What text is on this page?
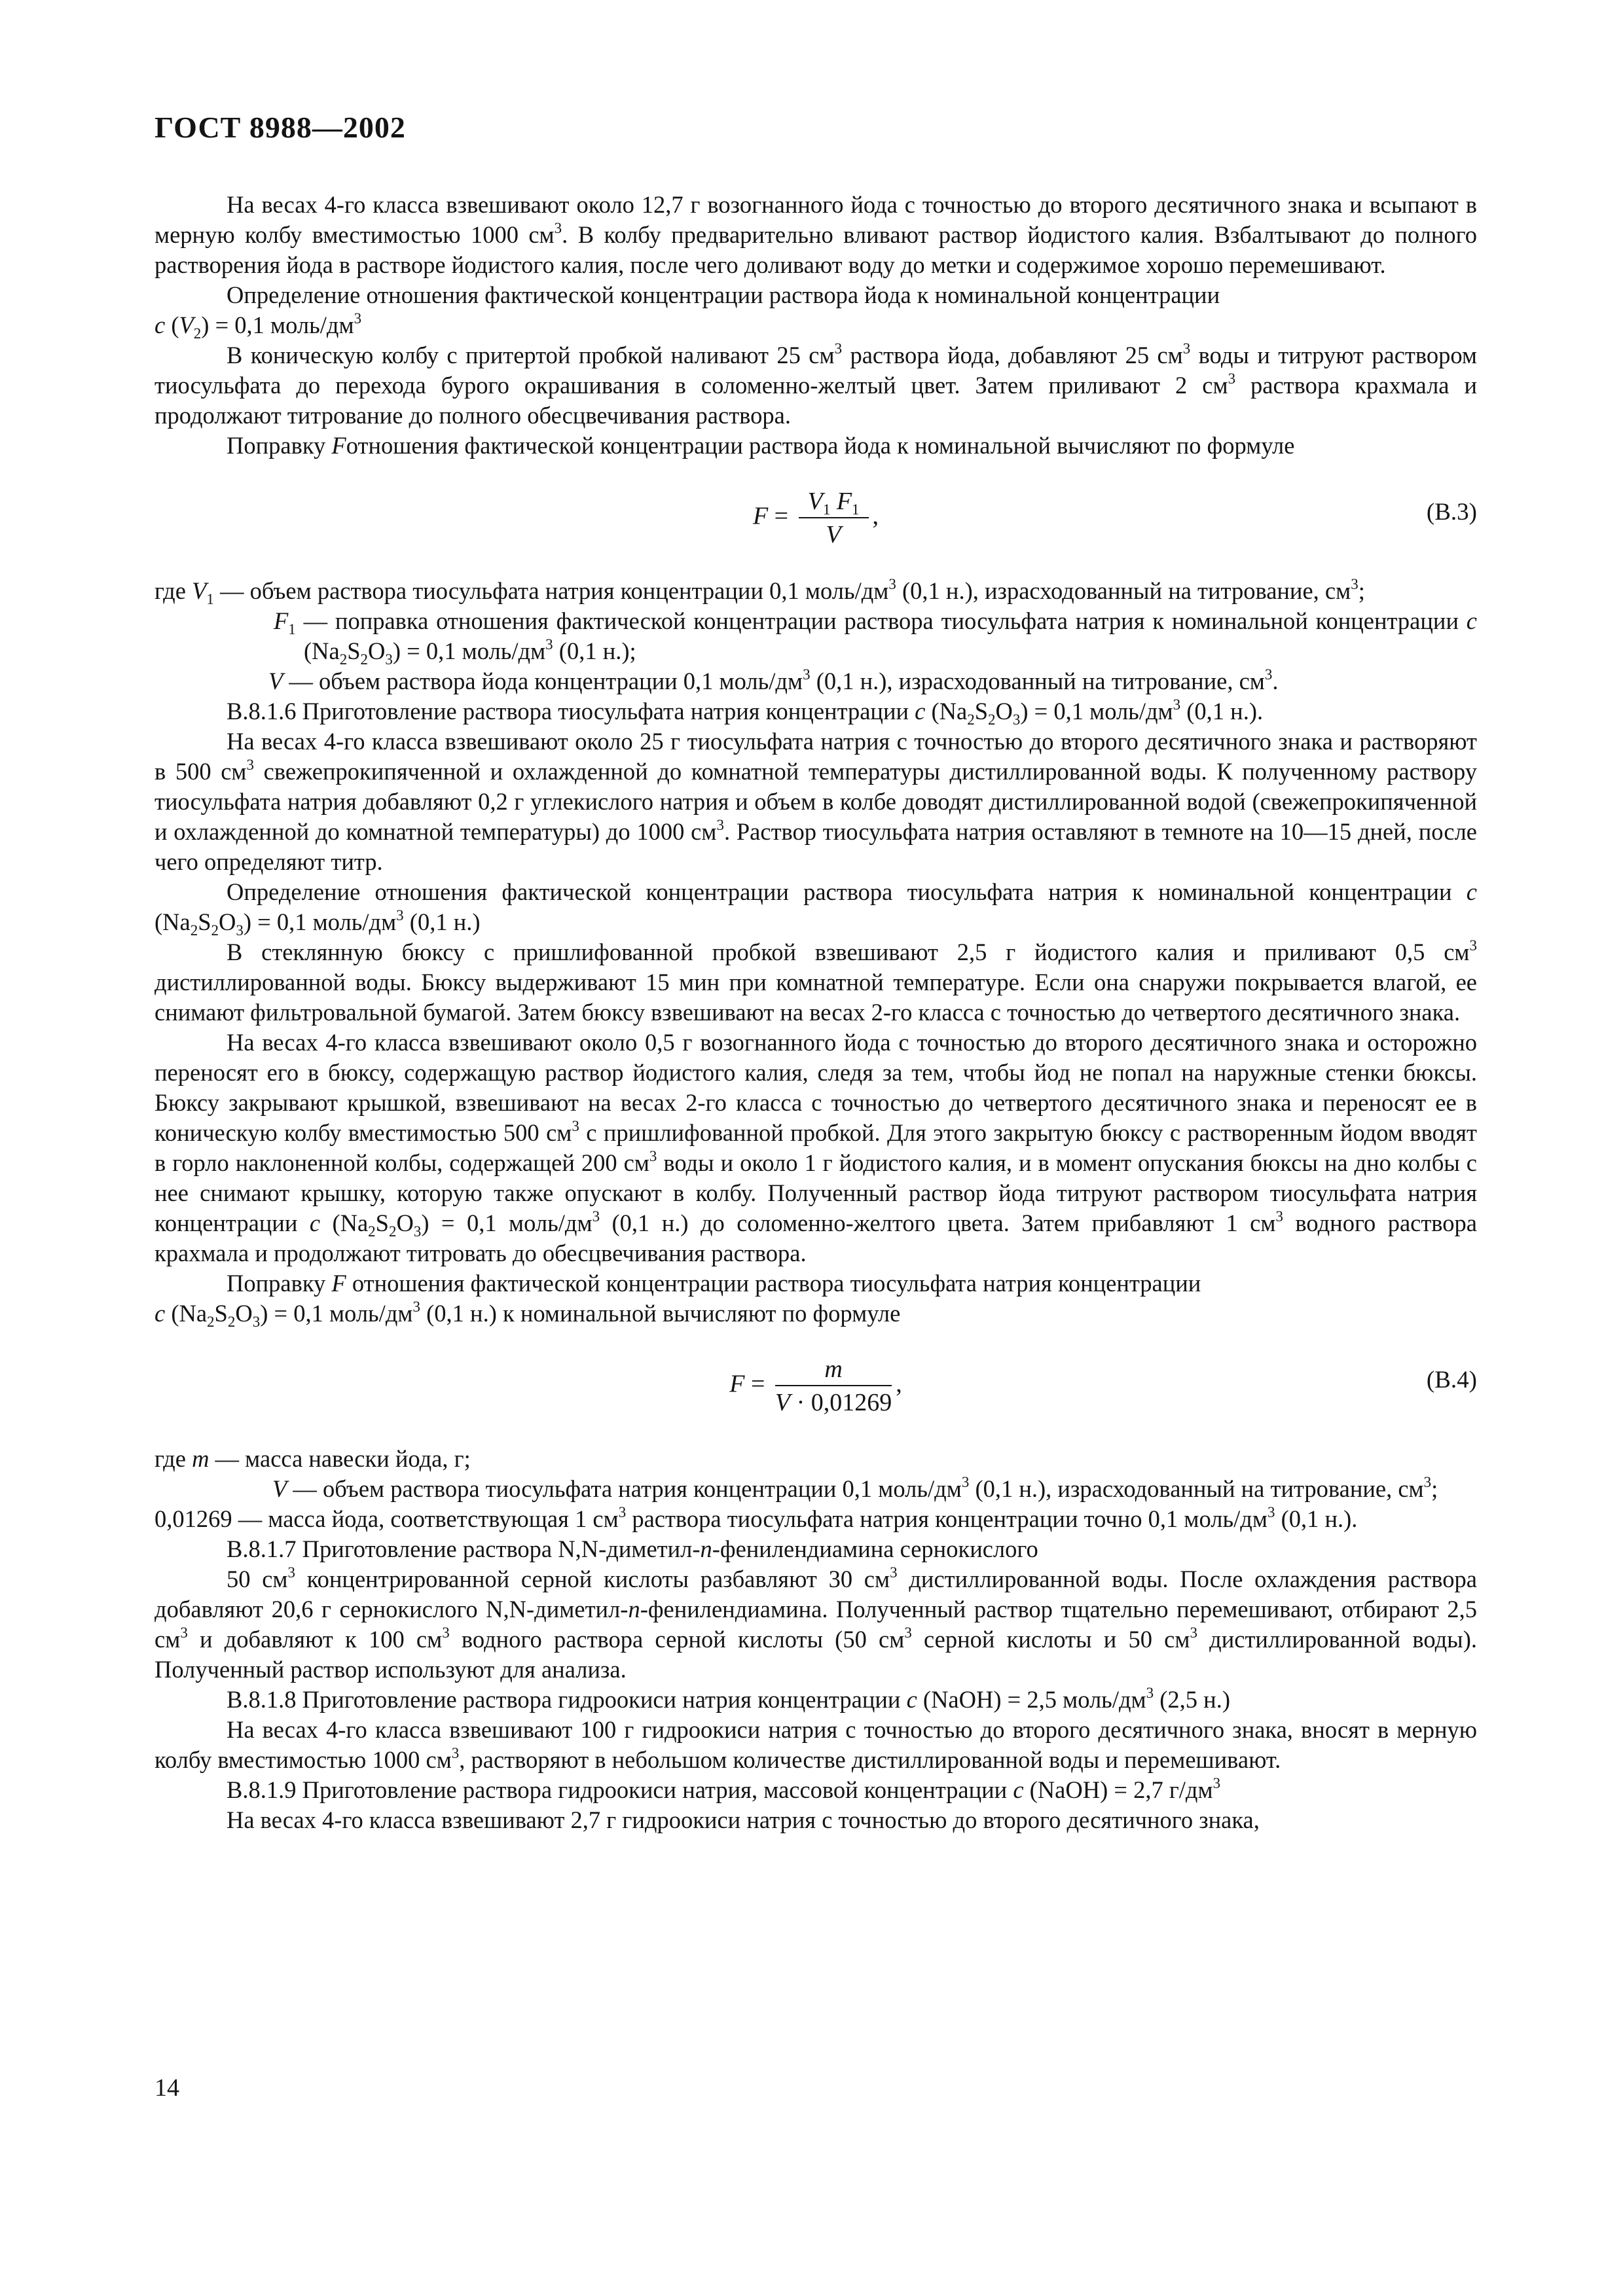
ГОСТ 8988—2002

На весах 4-го класса взвешивают около 12,7 г возогнанного йода с точностью до второго десятичного знака и всыпают в мерную колбу вместимостью 1000 $см^3$. В колбу предварительно вливают раствор йодистого калия. Взбалтывают до полного растворения йода в растворе йодистого калия, после чего доливают воду до метки и содержимое хорошо перемешивают.

Определение отношения фактической концентрации раствора йода к номинальной концентрации

с $(V_2) = 0,1$ моль/$дм^3$

В коническую колбу с притертой пробкой наливают 25 $см^3$ раствора йода, добавляют 25 $см^3$ воды и титруют раствором тиосульфата до перехода бурого окрашивания в соломенно-желтый цвет. Затем приливают 2 $см^3$ раствора крахмала и продолжают титрование до полного обесцвечивания раствора.

Поправку Fотношения фактической концентрации раствора йода к номинальной вычисляют по формуле

$F = \frac{V_1 F_1}{V}$ ,	(В.3)
где $V_1$ — объем раствора тиосульфата натрия концентрации 0,1 моль/$дм^3$ (0,1 н.), израсходованный на титрование, $см^3$;
$F_1$ — поправка отношения фактической концентрации раствора тиосульфата натрия к номинальной концентрации с $(Na_2S_2O_3) = 0,1$ моль/$дм^3$ (0,1 н.);
V — объем раствора йода концентрации 0,1 моль/$дм^3$ (0,1 н.), израсходованный на титрование, $см^3$.

В.8.1.6 Приготовление раствора тиосульфата натрия концентрации с $(Na_2S_2O_3) = 0,1$ моль/$дм^3$ (0,1 н.).

На весах 4-го класса взвешивают около 25 г тиосульфата натрия с точностью до второго десятичного знака и растворяют в 500 $см^3$ свежепрокипяченной и охлажденной до комнатной температуры дистиллированной воды. К полученному раствору тиосульфата натрия добавляют 0,2 г углекислого натрия и объем в колбе доводят дистиллированной водой (свежепрокипяченной и охлажденной до комнатной температуры) до 1000 $см^3$. Раствор тиосульфата натрия оставляют в темноте на 10—15 дней, после чего определяют титр.

Определение отношения фактической концентрации раствора тиосульфата натрия к номинальной концентрации с $(Na_2S_2O_3) = 0,1$ моль/$дм^3$ (0,1 н.)

В стеклянную бюксу с пришлифованной пробкой взвешивают 2,5 г йодистого калия и приливают 0,5 $см^3$ дистиллированной воды. Бюксу выдерживают 15 мин при комнатной температуре. Если она снаружи покрывается влагой, ее снимают фильтровальной бумагой. Затем бюксу взвешивают на весах 2-го класса с точностью до четвертого десятичного знака.

На весах 4-го класса взвешивают около 0,5 г возогнанного йода с точностью до второго десятичного знака и осторожно переносят его в бюксу, содержащую раствор йодистого калия, следя за тем, чтобы йод не попал на наружные стенки бюксы. Бюксу закрывают крышкой, взвешивают на весах 2-го класса с точностью до четвертого десятичного знака и переносят ее в коническую колбу вместимостью 500 $см^3$ с пришлифованной пробкой. Для этого закрытую бюксу с растворенным йодом вводят в горло наклоненной колбы, содержащей 200 $см^3$ воды и около 1 г йодистого калия, и в момент опускания бюксы на дно колбы с нее снимают крышку, которую также опускают в колбу. Полученный раствор йода титруют раствором тиосульфата натрия концентрации с $(Na_2S_2O_3) = 0,1$ моль/$дм^3$ (0,1 н.) до соломенно-желтого цвета. Затем прибавляют 1 $см^3$ водного раствора крахмала и продолжают титровать до обесцвечивания раствора.

Поправку F отношения фактической концентрации раствора тиосульфата натрия концентрации

с $(Na_2S_2O_3) = 0,1$ моль/$дм^3$ (0,1 н.) к номинальной вычисляют по формуле

$F = \frac{m}{V \cdot 0,01269}$ ,	(В.4)
где m — масса навески йода, г;
V — объем раствора тиосульфата натрия концентрации 0,1 моль/$дм^3$ (0,1 н.), израсходованный на титрование, $см^3$;
0,01269 — масса йода, соответствующая 1 $см^3$ раствора тиосульфата натрия концентрации точно 0,1 моль/$дм^3$ (0,1 н.).

В.8.1.7 Приготовление раствора N,N-диметил-n-фенилендиамина сернокислого

50 $см^3$ концентрированной серной кислоты разбавляют 30 $см^3$ дистиллированной воды. После охлаждения раствора добавляют 20,6 г сернокислого N,N-диметил-n-фенилендиамина. Полученный раствор тщательно перемешивают, отбирают 2,5 $см^3$ и добавляют к 100 $см^3$ водного раствора серной кислоты (50 $см^3$ серной кислоты и 50 $см^3$ дистиллированной воды). Полученный раствор используют для анализа.

В.8.1.8 Приготовление раствора гидроокиси натрия концентрации с (NaOH) = 2,5 моль/$дм^3$ (2,5 н.)

На весах 4-го класса взвешивают 100 г гидроокиси натрия с точностью до второго десятичного знака, вносят в мерную колбу вместимостью 1000 $см^3$, растворяют в небольшом количестве дистиллированной воды и перемешивают.

В.8.1.9 Приготовление раствора гидроокиси натрия, массовой концентрации с (NaOH) = 2,7 $г/дм^3$

На весах 4-го класса взвешивают 2,7 г гидроокиси натрия с точностью до второго десятичного знака,

14
